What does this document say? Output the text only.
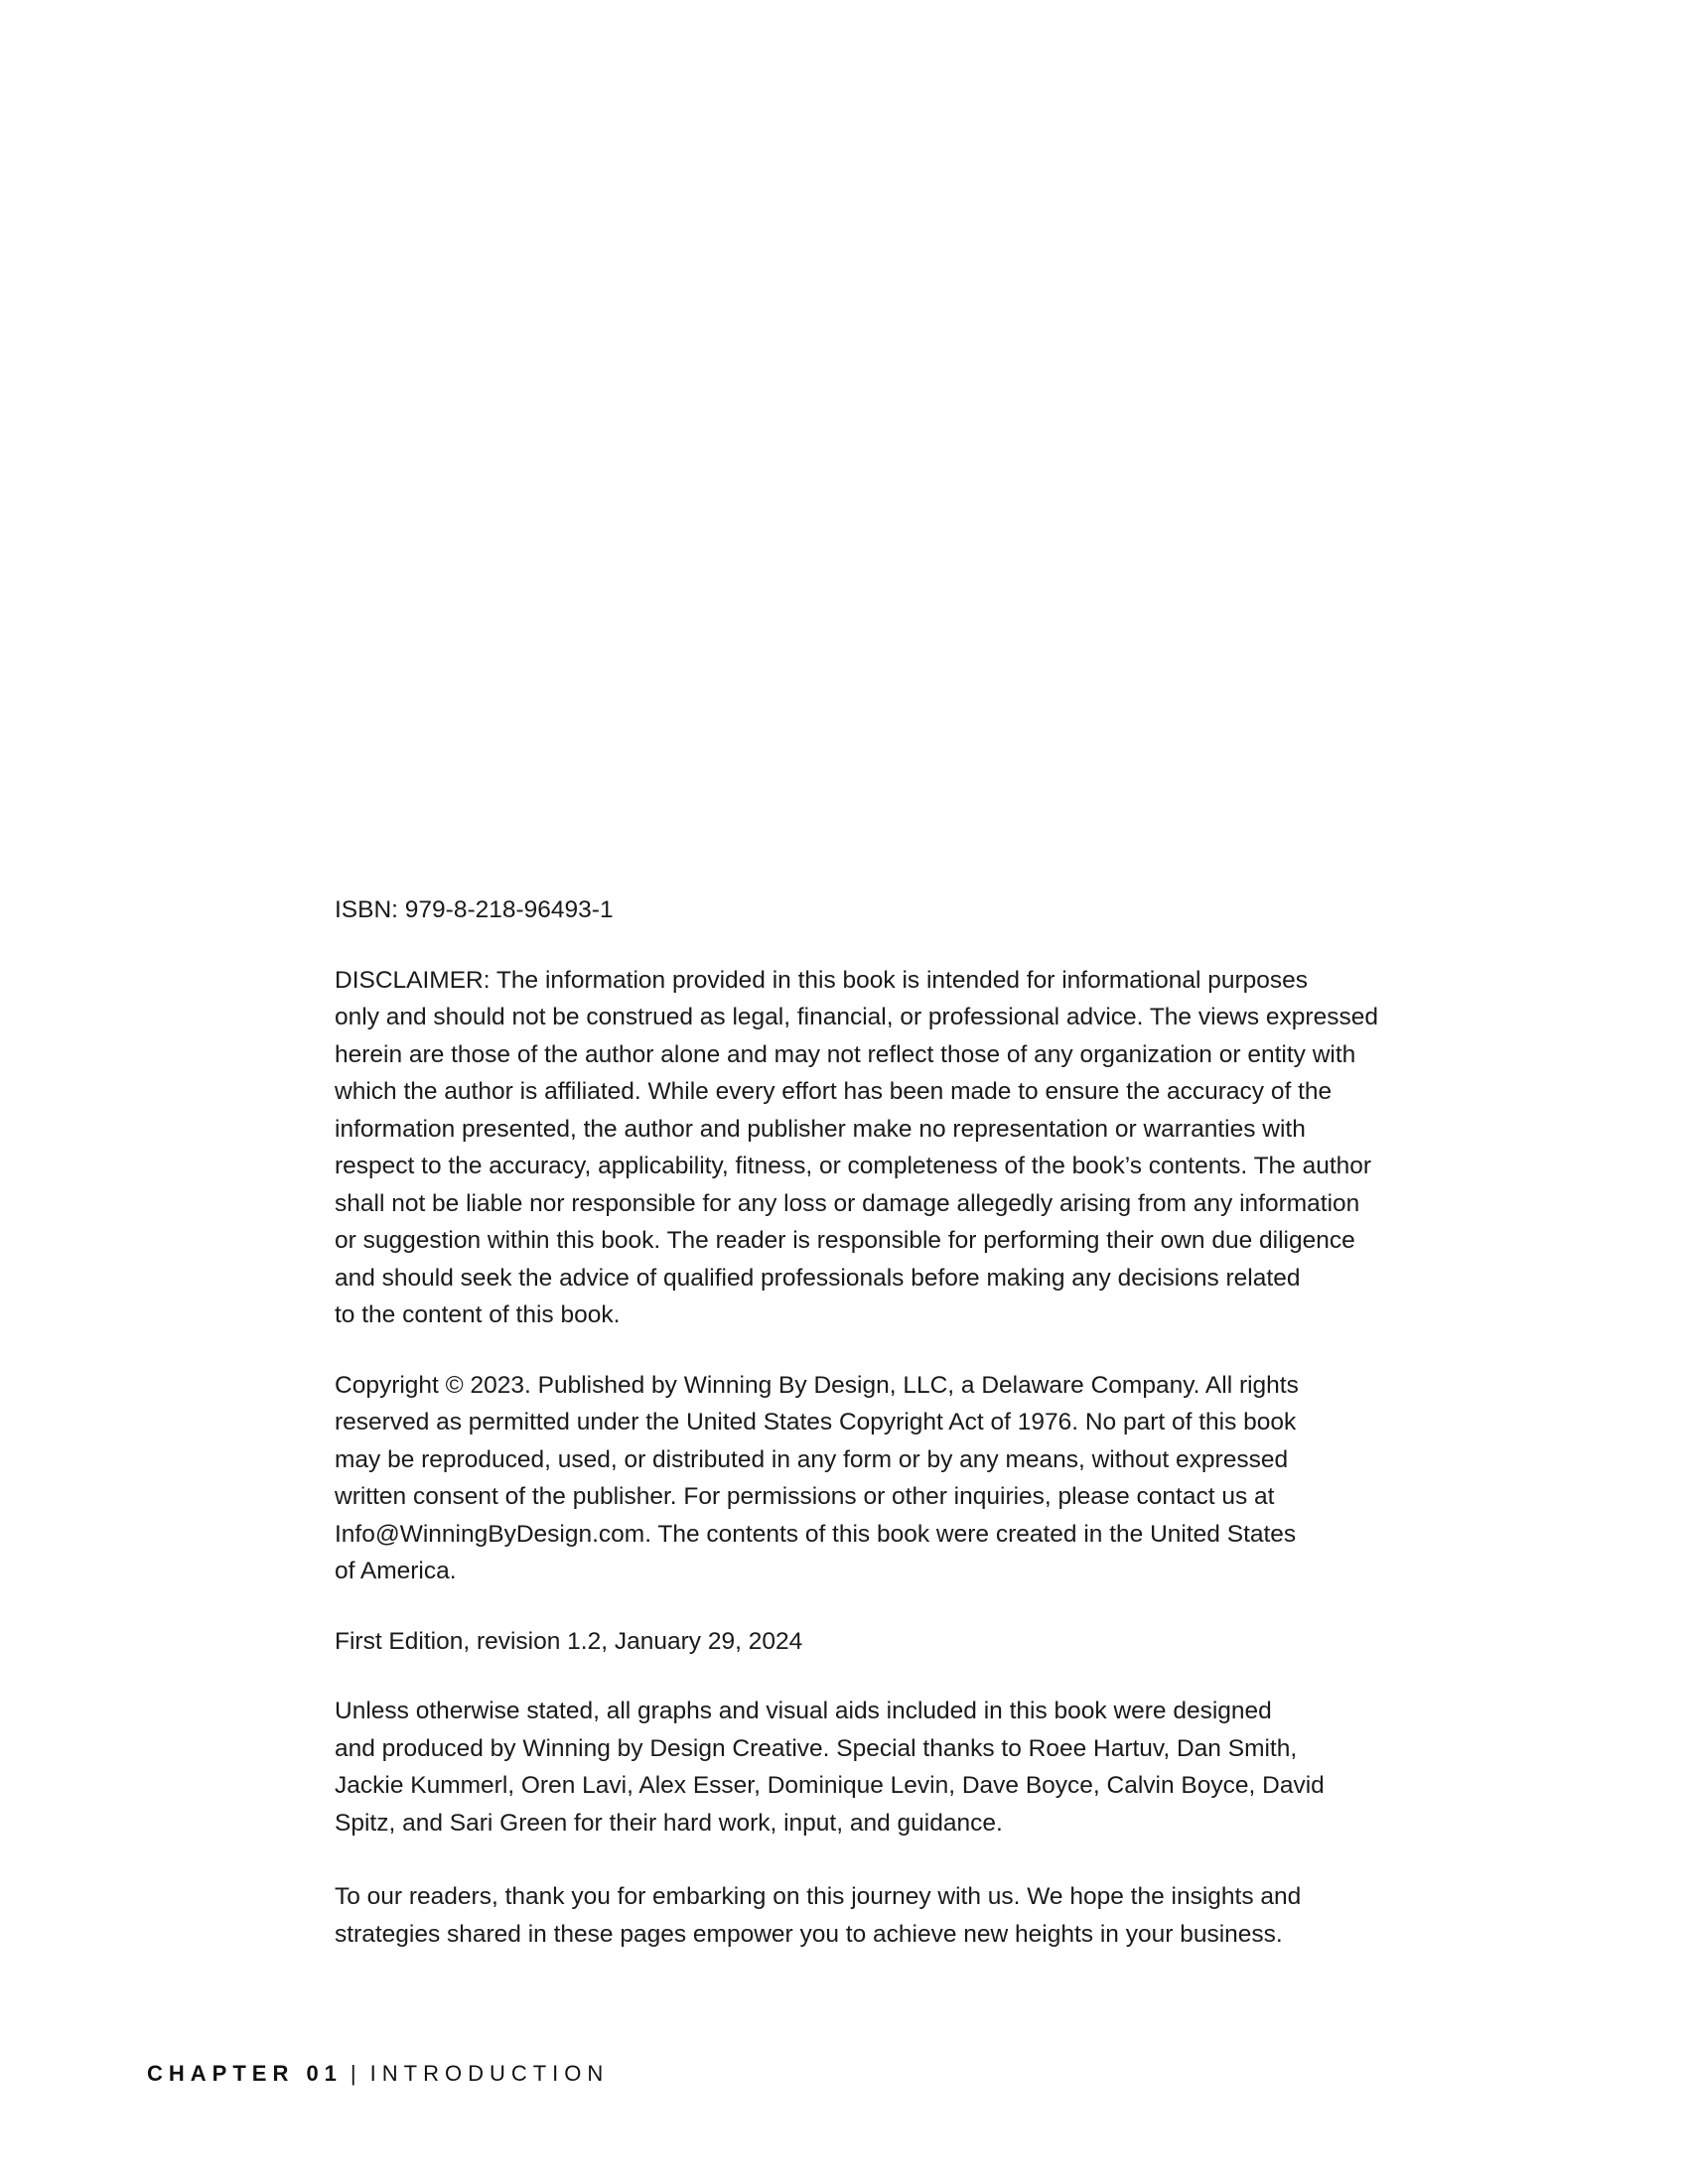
ISBN: 979-8-218-96493-1

DISCLAIMER: The information provided in this book is intended for informational purposes
only and should not be construed as legal, financial, or professional advice. The views expressed
herein are those of the author alone and may not reflect those of any organization or entity with
which the author is affiliated. While every effort has been made to ensure the accuracy of the
information presented, the author and publisher make no representation or warranties with
respect to the accuracy, applicability, fitness, or completeness of the book’s contents. The author
shall not be liable nor responsible for any loss or damage allegedly arising from any information
or suggestion within this book. The reader is responsible for performing their own due diligence
and should seek the advice of qualified professionals before making any decisions related
to the content of this book.

Copyright © 2023. Published by Winning By Design, LLC, a Delaware Company. All rights
reserved as permitted under the United States Copyright Act of 1976. No part of this book
may be reproduced, used, or distributed in any form or by any means, without expressed
written consent of the publisher. For permissions or other inquiries, please contact us at
Info@WinningByDesign.com. The contents of this book were created in the United States
of America.

First Edition, revision 1.2, January 29, 2024

Unless otherwise stated, all graphs and visual aids included in this book were designed
and produced by Winning by Design Creative. Special thanks to Roee Hartuv, Dan Smith,
Jackie Kummerl, Oren Lavi, Alex Esser, Dominique Levin, Dave Boyce, Calvin Boyce, David
Spitz, and Sari Green for their hard work, input, and guidance.

To our readers, thank you for embarking on this journey with us. We hope the insights and
strategies shared in these pages empower you to achieve new heights in your business.

CHAPTER 01 | INTRODUCTION
